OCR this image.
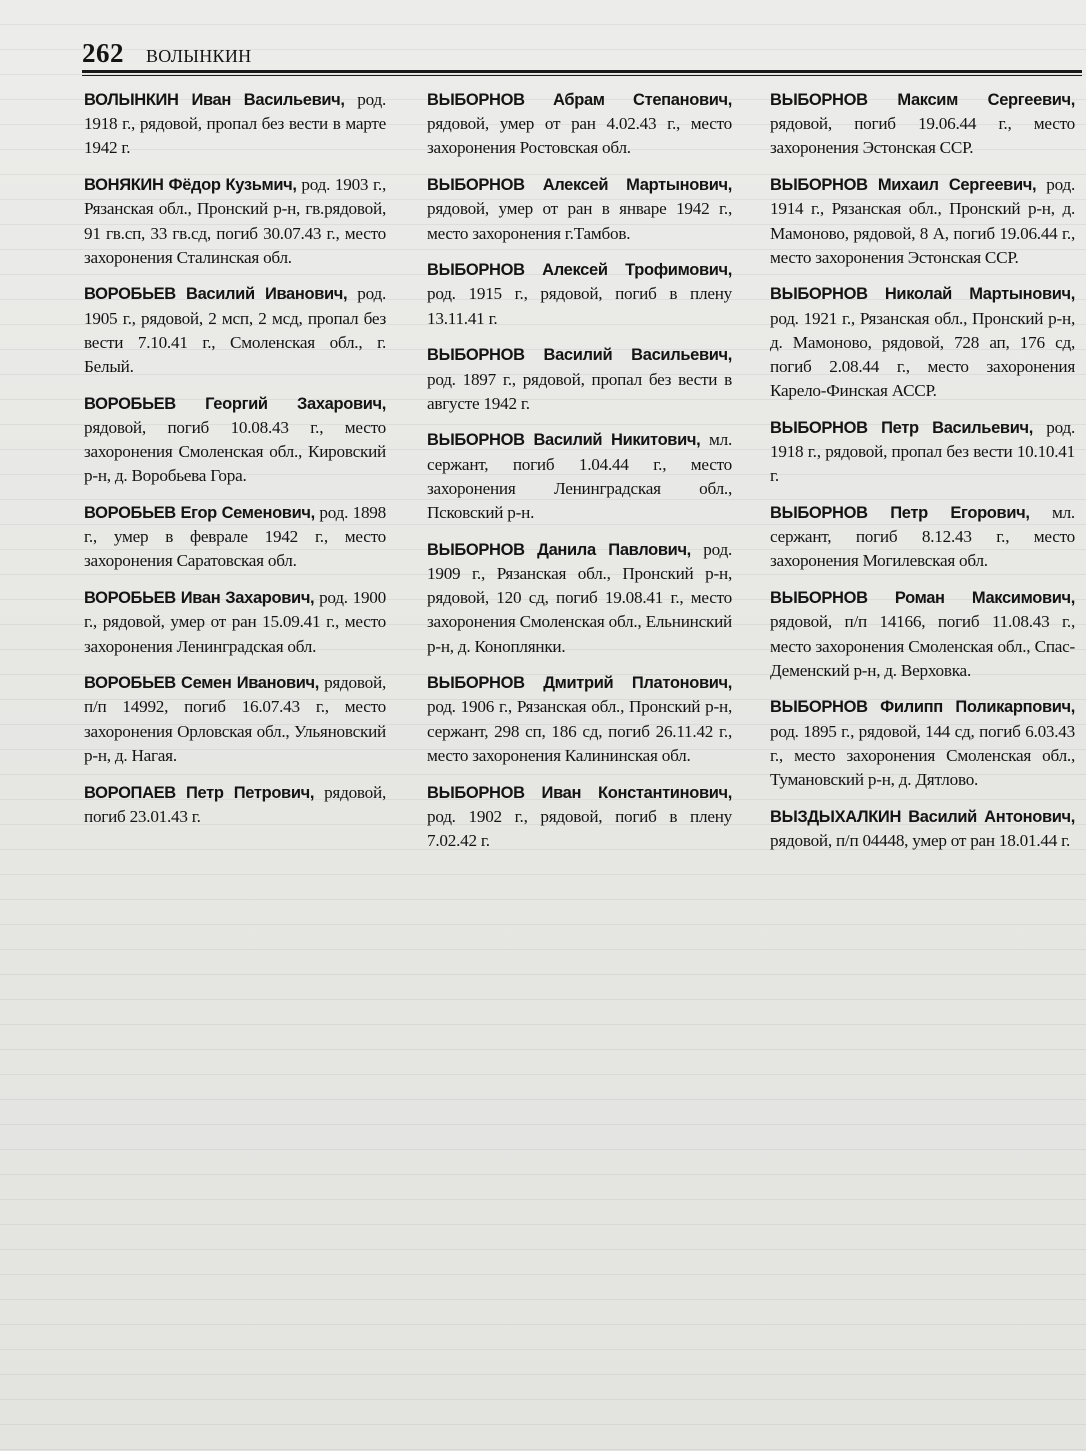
262 ВОЛЫНКИН

ВОЛЫНКИН Иван Васильевич, род. 1918 г., рядовой, пропал без вести в марте 1942 г.

ВОНЯКИН Фёдор Кузьмич, род. 1903 г., Рязанская обл., Пронский р-н, гв.рядовой, 91 гв.сп, 33 гв.сд, погиб 30.07.43 г., место захоронения Сталинская обл.

ВОРОБЬЕВ Василий Иванович, род. 1905 г., рядовой, 2 мсп, 2 мсд, пропал без вести 7.10.41 г., Смоленская обл., г. Белый.

ВОРОБЬЕВ Георгий Захарович, рядовой, погиб 10.08.43 г., место захоронения Смоленская обл., Кировский р-н, д. Воробьева Гора.

ВОРОБЬЕВ Егор Семенович, род. 1898 г., умер в феврале 1942 г., место захоронения Саратовская обл.

ВОРОБЬЕВ Иван Захарович, род. 1900 г., рядовой, умер от ран 15.09.41 г., место захоронения Ленинградская обл.

ВОРОБЬЕВ Семен Иванович, рядовой, п/п 14992, погиб 16.07.43 г., место захоронения Орловская обл., Ульяновский р-н, д. Нагая.

ВОРОПАЕВ Петр Петрович, рядовой, погиб 23.01.43 г.

ВЫБОРНОВ Абрам Степанович, рядовой, умер от ран 4.02.43 г., место захоронения Ростовская обл.

ВЫБОРНОВ Алексей Мартынович, рядовой, умер от ран в январе 1942 г., место захоронения г.Тамбов.

ВЫБОРНОВ Алексей Трофимович, род. 1915 г., рядовой, погиб в плену 13.11.41 г.

ВЫБОРНОВ Василий Васильевич, род. 1897 г., рядовой, пропал без вести в августе 1942 г.

ВЫБОРНОВ Василий Никитович, мл. сержант, погиб 1.04.44 г., место захоронения Ленинградская обл., Псковский р-н.

ВЫБОРНОВ Данила Павлович, род. 1909 г., Рязанская обл., Пронский р-н, рядовой, 120 сд, погиб 19.08.41 г., место захоронения Смоленская обл., Ельнинский р-н, д. Коноплянки.

ВЫБОРНОВ Дмитрий Платонович, род. 1906 г., Рязанская обл., Пронский р-н, сержант, 298 сп, 186 сд, погиб 26.11.42 г., место захоронения Калининская обл.

ВЫБОРНОВ Иван Константинович, род. 1902 г., рядовой, погиб в плену 7.02.42 г.

ВЫБОРНОВ Максим Сергеевич, рядовой, погиб 19.06.44 г., место захоронения Эстонская ССР.

ВЫБОРНОВ Михаил Сергеевич, род. 1914 г., Рязанская обл., Пронский р-н, д. Мамоново, рядовой, 8 А, погиб 19.06.44 г., место захоронения Эстонская ССР.

ВЫБОРНОВ Николай Мартынович, род. 1921 г., Рязанская обл., Пронский р-н, д. Мамоново, рядовой, 728 ап, 176 сд, погиб 2.08.44 г., место захоронения Карело-Финская АССР.

ВЫБОРНОВ Петр Васильевич, род. 1918 г., рядовой, пропал без вести 10.10.41 г.

ВЫБОРНОВ Петр Егорович, мл. сержант, погиб 8.12.43 г., место захоронения Могилевская обл.

ВЫБОРНОВ Роман Максимович, рядовой, п/п 14166, погиб 11.08.43 г., место захоронения Смоленская обл., Спас-Деменский р-н, д. Верховка.

ВЫБОРНОВ Филипп Поликарпович, род. 1895 г., рядовой, 144 сд, погиб 6.03.43 г., место захоронения Смоленская обл., Тумановский р-н, д. Дятлово.

ВЫЗДЫХАЛКИН Василий Антонович, рядовой, п/п 04448, умер от ран 18.01.44 г.
